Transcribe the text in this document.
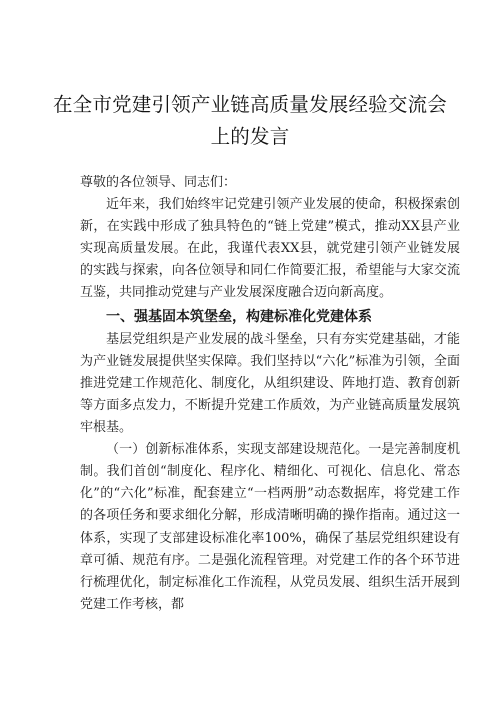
在全市党建引领产业链高质量发展经验交流会
上的发言

尊敬的各位领导、同志们：

近年来，我们始终牢记党建引领产业发展的使命，积极探索创新，在实践中形成了独具特色的“链上党建”模式，推动XX县产业实现高质量发展。在此，我谨代表XX县，就党建引领产业链发展的实践与探索，向各位领导和同仁作简要汇报，希望能与大家交流互鉴，共同推动党建与产业发展深度融合迈向新高度。

一、强基固本筑堡垒，构建标准化党建体系

基层党组织是产业发展的战斗堡垒，只有夯实党建基础，才能为产业链发展提供坚实保障。我们坚持以“六化”标准为引领，全面推进党建工作规范化、制度化，从组织建设、阵地打造、教育创新等方面多点发力，不断提升党建工作质效，为产业链高质量发展筑牢根基。

（一）创新标准体系，实现支部建设规范化。一是完善制度机制。我们首创“制度化、程序化、精细化、可视化、信息化、常态化”的“六化”标准，配套建立“一档两册”动态数据库，将党建工作的各项任务和要求细化分解，形成清晰明确的操作指南。通过这一体系，实现了支部建设标准化率100%，确保了基层党组织建设有章可循、规范有序。二是强化流程管理。对党建工作的各个环节进行梳理优化，制定标准化工作流程，从党员发展、组织生活开展到党建工作考核，都
